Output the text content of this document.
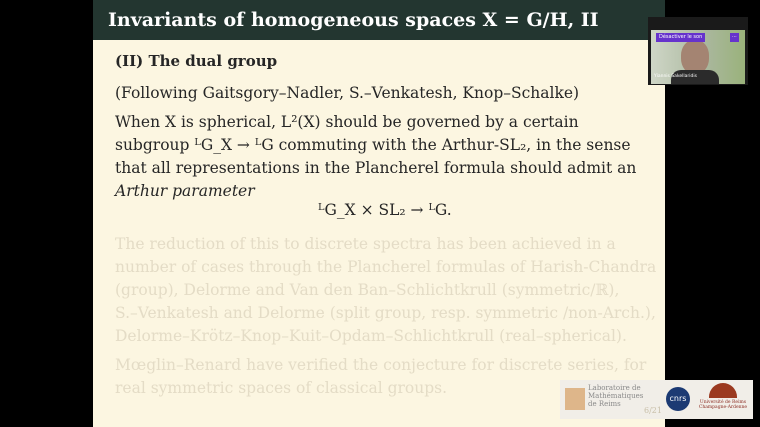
Invariants of homogeneous spaces X = G/H, II
(II) The dual group
(Following Gaitsgory–Nadler, S.–Venkatesh, Knop–Schalke)
When X is spherical, L²(X) should be governed by a certain
subgroup ᴸG_X → ᴸG commuting with the Arthur-SL₂, in the sense
that all representations in the Plancherel formula should admit an
Arthur parameter
ᴸG_X × SL₂ → ᴸG.
The reduction of this to discrete spectra has been achieved in a
number of cases through the Plancherel formulas of Harish-Chandra
(group), Delorme and Van den Ban–Schlichtkrull (symmetric/ℝ),
S.–Venkatesh and Delorme (split group, resp. symmetric /non-Arch.),
Delorme–Krötz–Knop–Kuit–Opdam–Schlichtkrull (real–spherical).
Mœglin–Renard have verified the conjecture for discrete series, for
real symmetric spaces of classical groups.
Désactiver le son	···
Yiannis Sakellaridis
Laboratoire de Mathématiques de Reims
6/21
cnrs	Université de Reims Champagne-Ardenne
